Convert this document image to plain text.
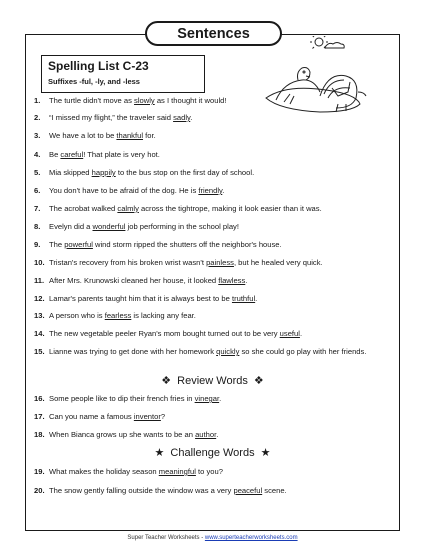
Sentences
Spelling List C-23
Suffixes -ful, -ly, and -less
1.	The turtle didn't move as slowly as I thought it would!
2.	“I missed my flight,” the traveler said sadly.
3.	We have a lot to be thankful for.
4.	Be careful! That plate is very hot.
5.	Mia skipped happily to the bus stop on the first day of school.
6.	You don't have to be afraid of the dog. He is friendly.
7.	The acrobat walked calmly across the tightrope, making it look easier than it was.
8.	Evelyn did a wonderful job performing in the school play!
9.	The powerful wind storm ripped the shutters off the neighbor's house.
10. Tristan's recovery from his broken wrist wasn't painless, but he healed very quick.
11. After Mrs. Krunowski cleaned her house, it looked flawless.
12. Lamar's parents taught him that it is always best to be truthful.
13. A person who is fearless is lacking any fear.
14. The new vegetable peeler Ryan's mom bought turned out to be very useful.
15. Lianne was trying to get done with her homework quickly so she could go play with her friends.
❖ Review Words ❖
16. Some people like to dip their french fries in vinegar.
17. Can you name a famous inventor?
18. When Bianca grows up she wants to be an author.
★ Challenge Words ★
19. What makes the holiday season meaningful to you?
20. The snow gently falling outside the window was a very peaceful scene.
Super Teacher Worksheets - www.superteacherworksheets.com
